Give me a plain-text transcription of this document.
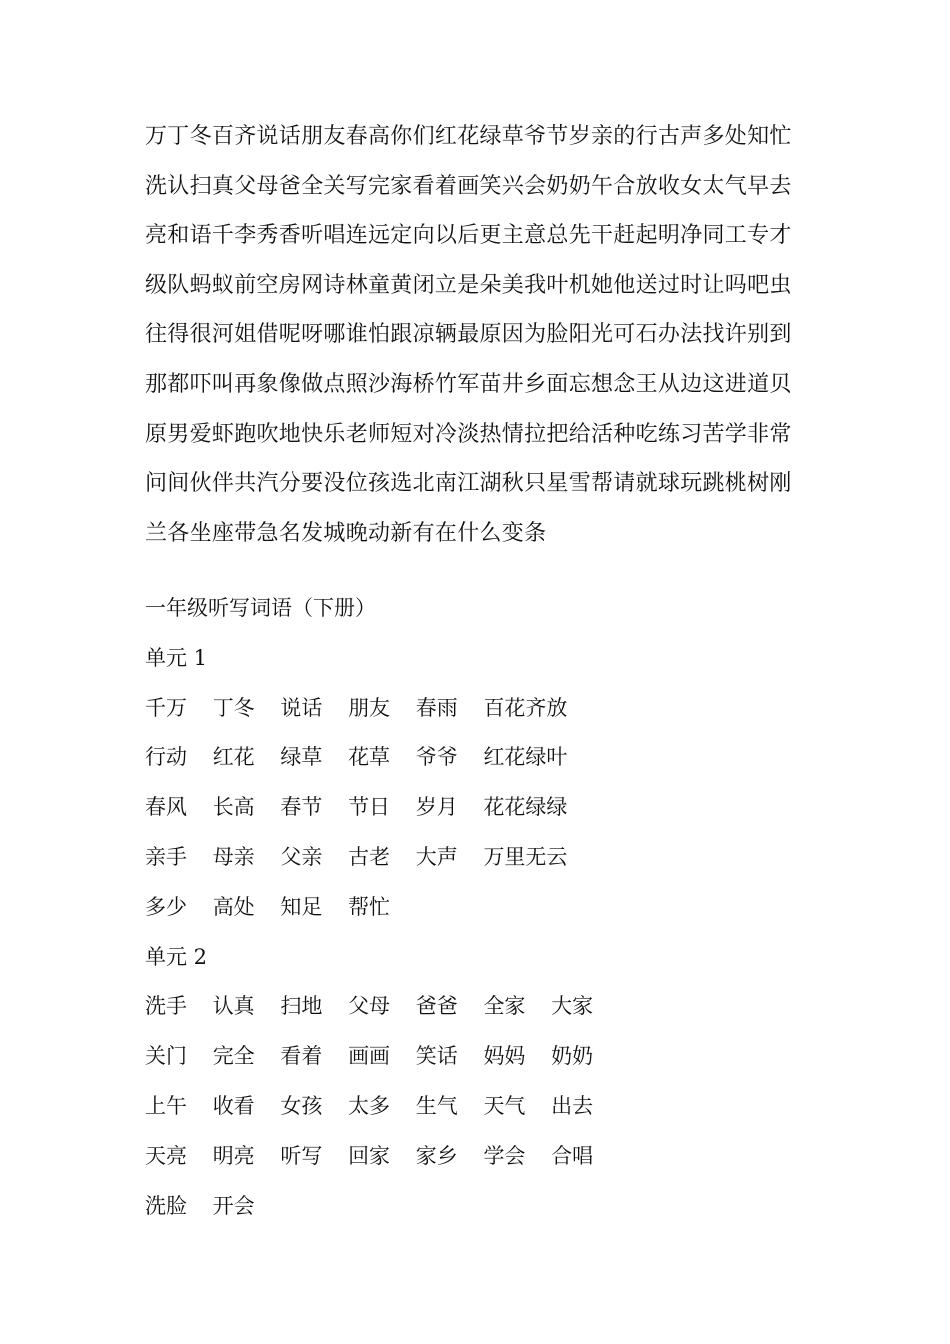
万丁冬百齐说话朋友春高你们红花绿草爷节岁亲的行古声多处知忙
洗认扫真父母爸全关写完家看着画笑兴会奶奶午合放收女太气早去
亮和语千李秀香听唱连远定向以后更主意总先干赶起明净同工专才
级队蚂蚁前空房网诗林童黄闭立是朵美我叶机她他送过时让吗吧虫
往得很河姐借呢呀哪谁怕跟凉辆最原因为脸阳光可石办法找许别到
那都吓叫再象像做点照沙海桥竹军苗井乡面忘想念王从边这进道贝
原男爱虾跑吹地快乐老师短对冷淡热情拉把给活种吃练习苦学非常
问间伙伴共汽分要没位孩选北南江湖秋只星雪帮请就球玩跳桃树刚
兰各坐座带急名发城晚动新有在什么变条
一年级听写词语（下册）
单元 1
千万 丁冬 说话 朋友 春雨 百花齐放
行动 红花 绿草 花草 爷爷 红花绿叶
春风 长高 春节 节日 岁月 花花绿绿
亲手 母亲 父亲 古老 大声 万里无云
多少 高处 知足 帮忙
单元 2
洗手 认真 扫地 父母 爸爸 全家 大家
关门 完全 看着 画画 笑话 妈妈 奶奶
上午 收看 女孩 太多 生气 天气 出去
天亮 明亮 听写 回家 家乡 学会 合唱
洗脸 开会
